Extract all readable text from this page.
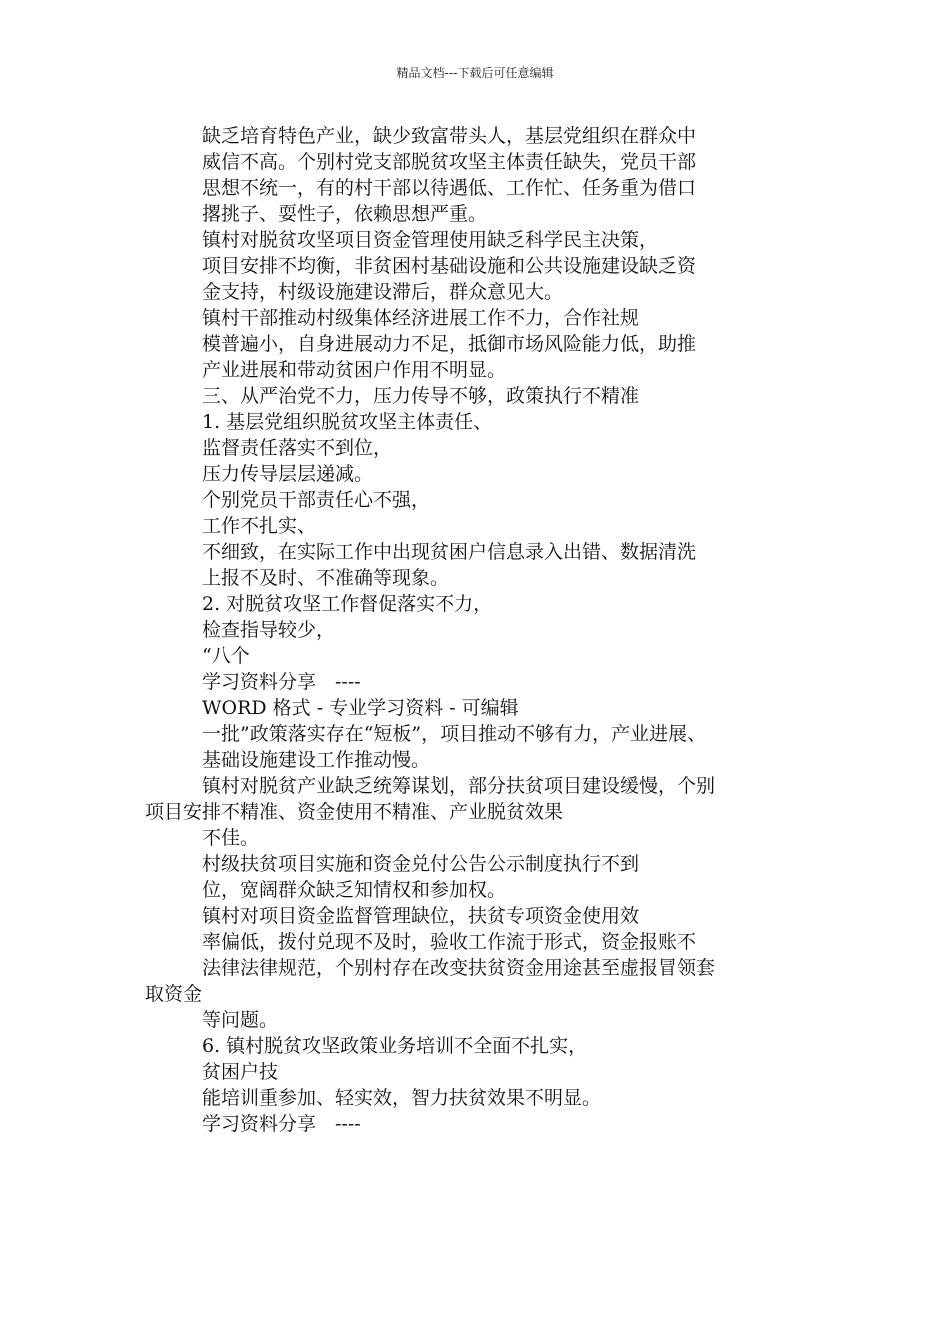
精品文档---下载后可任意编辑
缺乏培育特色产业，缺少致富带头人，基层党组织在群众中
威信不高。个别村党支部脱贫攻坚主体责任缺失，党员干部
思想不统一，有的村干部以待遇低、工作忙、任务重为借口
撂挑子、耍性子，依赖思想严重。
镇村对脱贫攻坚项目资金管理使用缺乏科学民主决策，
项目安排不均衡，非贫困村基础设施和公共设施建设缺乏资
金支持，村级设施建设滞后，群众意见大。
镇村干部推动村级集体经济进展工作不力，合作社规
模普遍小，自身进展动力不足，抵御市场风险能力低，助推
产业进展和带动贫困户作用不明显。
三、从严治党不力，压力传导不够，政策执行不精准
1. 基层党组织脱贫攻坚主体责任、
监督责任落实不到位，
压力传导层层递减。
个别党员干部责任心不强，
工作不扎实、
不细致，在实际工作中出现贫困户信息录入出错、数据清洗
上报不及时、不准确等现象。
2. 对脱贫攻坚工作督促落实不力，
检查指导较少，
“八个
学习资料分享　----
WORD 格式 - 专业学习资料 - 可编辑
一批”政策落实存在“短板”，项目推动不够有力，产业进展、
基础设施建设工作推动慢。
镇村对脱贫产业缺乏统筹谋划，部分扶贫项目建设缓慢，个别
项目安排不精准、资金使用不精准、产业脱贫效果
不佳。
村级扶贫项目实施和资金兑付公告公示制度执行不到
位，宽阔群众缺乏知情权和参加权。
镇村对项目资金监督管理缺位，扶贫专项资金使用效
率偏低，拨付兑现不及时，验收工作流于形式，资金报账不
法律法律规范，个别村存在改变扶贫资金用途甚至虚报冒领套
取资金
等问题。
6. 镇村脱贫攻坚政策业务培训不全面不扎实，
贫困户技
能培训重参加、轻实效，智力扶贫效果不明显。
学习资料分享　----
